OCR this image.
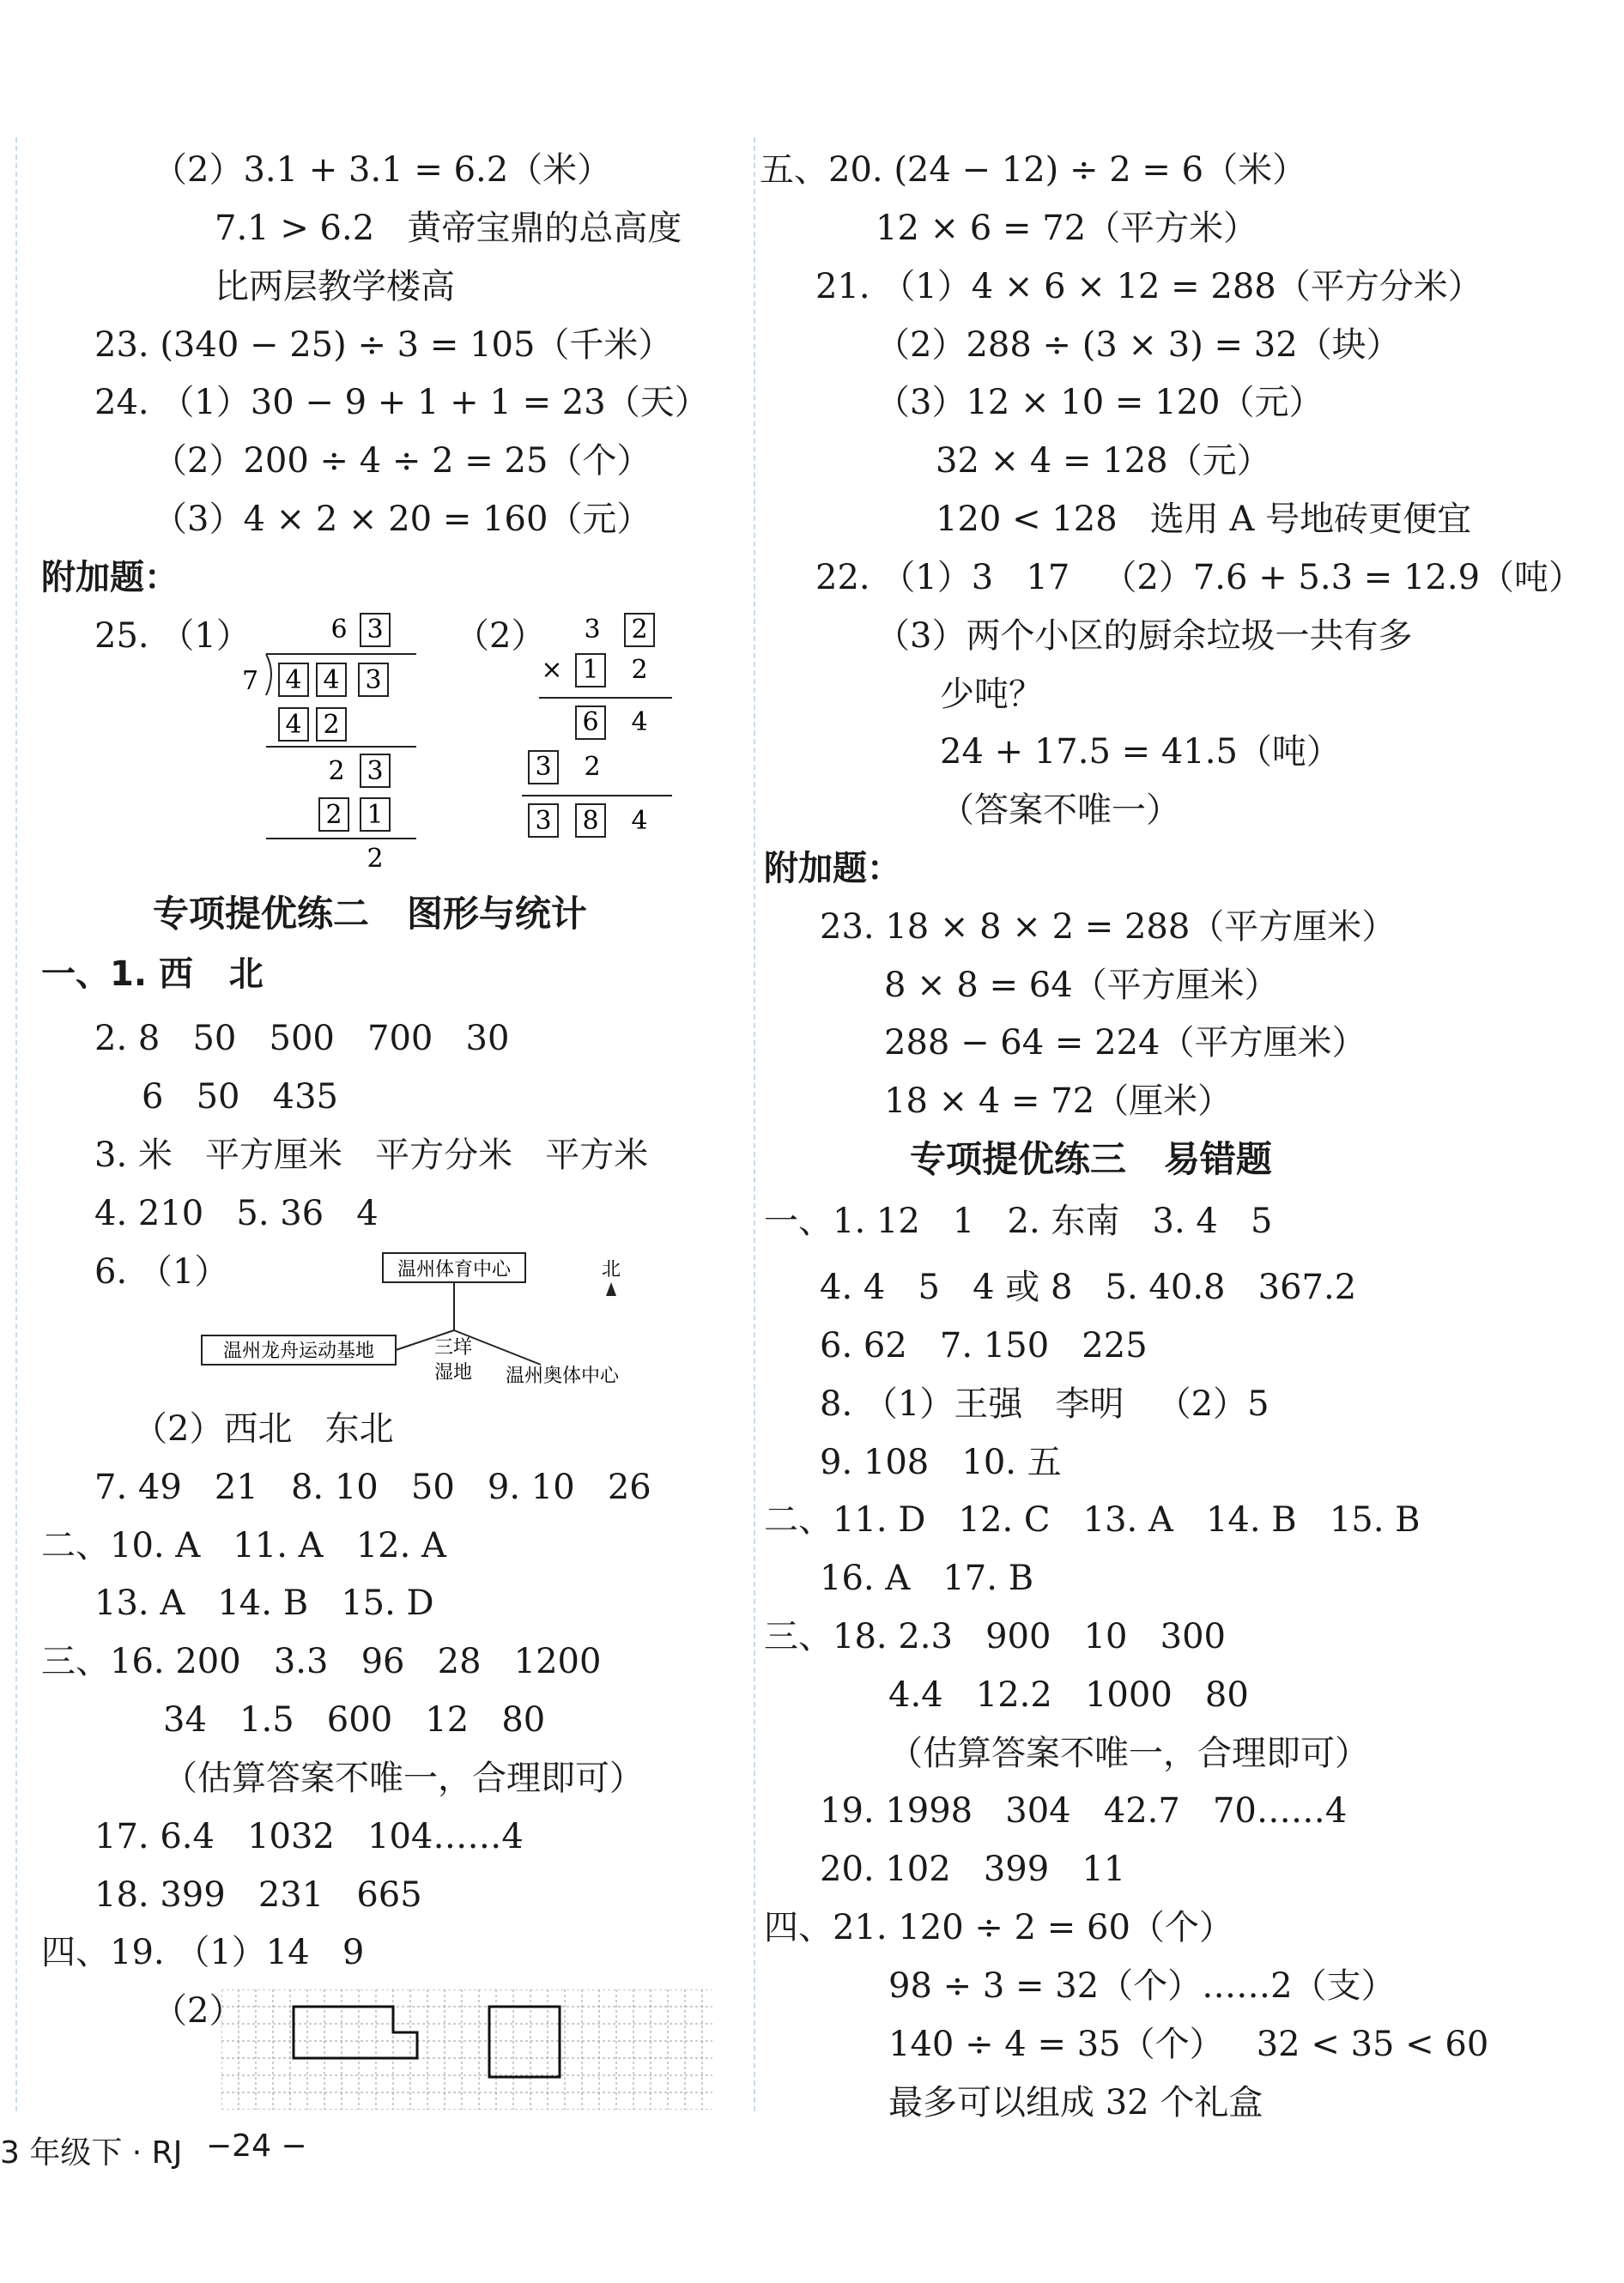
（2）3.1 + 3.1 = 6.2（米）
7.1 > 6.2   黄帝宝鼎的总高度
比两层教学楼高
23. (340 − 25) ÷ 3 = 105（千米）
24. （1）30 − 9 + 1 + 1 = 23（天）
（2）200 ÷ 4 ÷ 2 = 25（个）
（3）4 × 2 × 20 = 160（元）
附加题：
25. （1）	（2）
6 3
7 4 4 3
4 2
2 3
2 1
2
3 2
× 1 2
6 4
3 2
3 8 4
专项提优练二   图形与统计
一、1. 西   北
2. 8   50   500   700   30
6   50   435
3. 米   平方厘米   平方分米   平方米
4. 210   5. 36   4
6. （1）	温州体育中心	北
温州龙舟运动基地	三垟
湿地 温州奥体中心
（2）西北   东北
7. 49   21   8. 10   50   9. 10   26
二、10. A   11. A   12. A
13. A   14. B   15. D
三、16. 200   3.3   96   28   1200
34   1.5   600   12   80
（估算答案不唯一，合理即可）
17. 6.4   1032   104……4
18. 399   231   665
四、19. （1）14   9
（2）
五、20. (24 − 12) ÷ 2 = 6（米）
12 × 6 = 72（平方米）
21. （1）4 × 6 × 12 = 288（平方分米）
（2）288 ÷ (3 × 3) = 32（块）
（3）12 × 10 = 120（元）
32 × 4 = 128（元）
120 < 128   选用 A 号地砖更便宜
22. （1）3   17   （2）7.6 + 5.3 = 12.9（吨）
（3）两个小区的厨余垃圾一共有多
少吨？
24 + 17.5 = 41.5（吨）
（答案不唯一）
附加题：
23. 18 × 8 × 2 = 288（平方厘米）
8 × 8 = 64（平方厘米）
288 − 64 = 224（平方厘米）
18 × 4 = 72（厘米）
专项提优练三   易错题
一、1. 12   1   2. 东南   3. 4   5
4. 4   5   4 或 8   5. 40.8   367.2
6. 62   7. 150   225
8. （1）王强   李明   （2）5
9. 108   10. 五
二、11. D   12. C   13. A   14. B   15. B
16. A   17. B
三、18. 2.3   900   10   300
4.4   12.2   1000   80
（估算答案不唯一，合理即可）
19. 1998   304   42.7   70……4
20. 102   399   11
四、21. 120 ÷ 2 = 60（个）
98 ÷ 3 = 32（个）……2（支）
140 ÷ 4 = 35（个）   32 < 35 < 60
最多可以组成 32 个礼盒
3 年级下 · RJ −24 −
